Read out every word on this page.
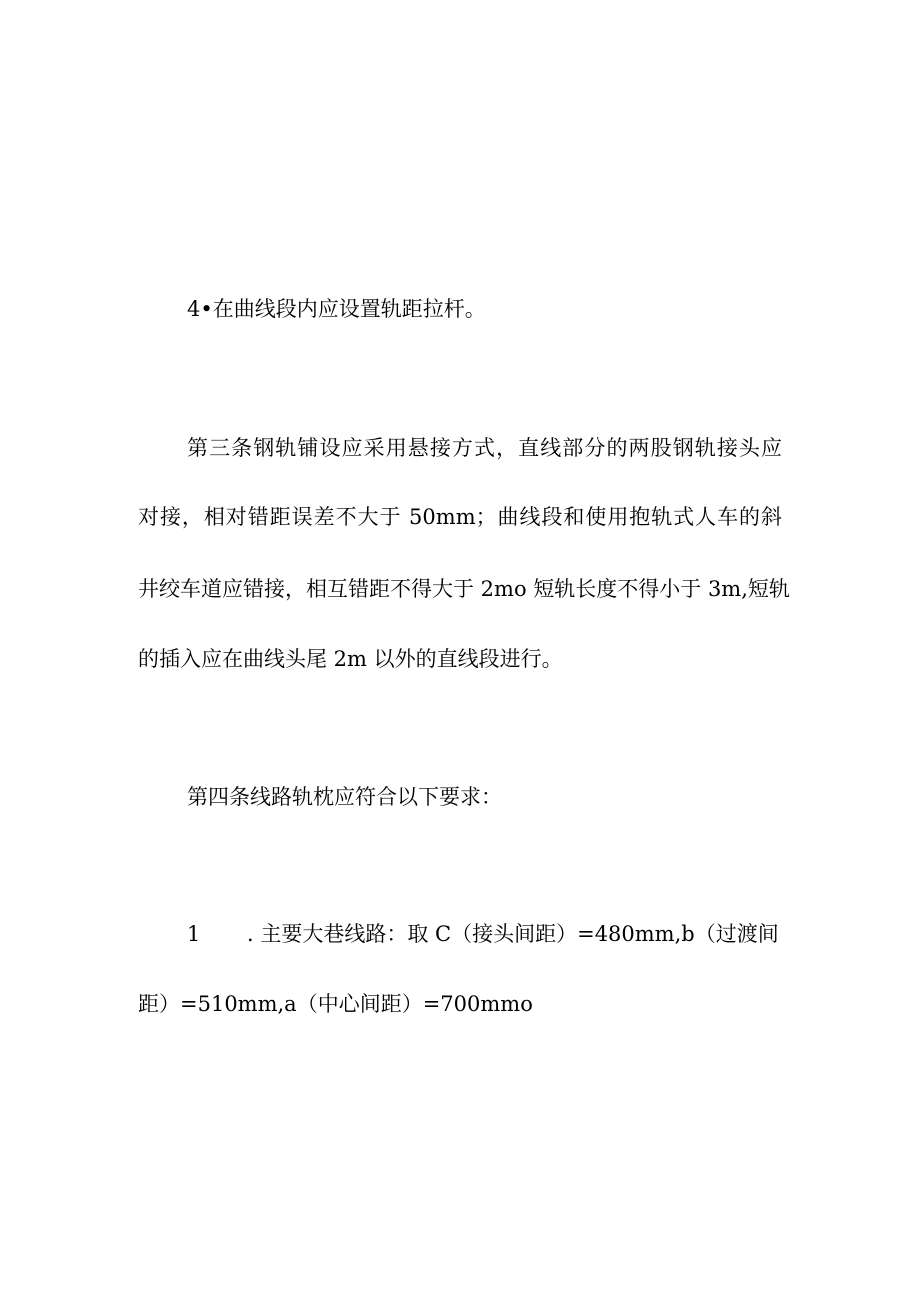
4•在曲线段内应设置轨距拉杆。
第三条钢轨铺设应采用悬接方式，直线部分的两股钢轨接头应
对接，相对错距误差不大于 50mm；曲线段和使用抱轨式人车的斜
井绞车道应错接，相互错距不得大于 2mo 短轨长度不得小于 3m,短轨
的插入应在曲线头尾 2m 以外的直线段进行。
第四条线路轨枕应符合以下要求：
1 . 主要大巷线路：取 C（接头间距）=480mm,b（过渡间
距）=510mm,a（中心间距）=700mmo
